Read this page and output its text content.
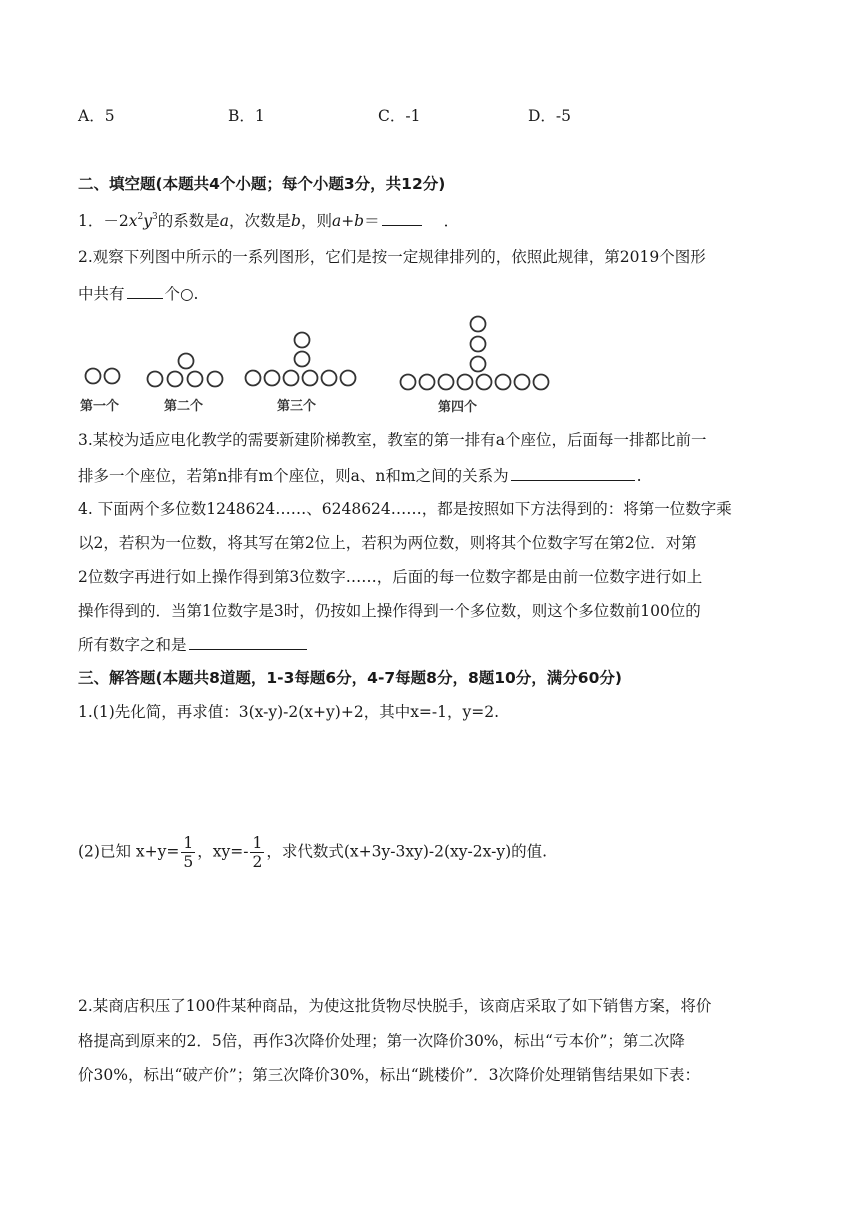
A．5	B．1	C．-1	D．-5
二、填空题(本题共4个小题；每个小题3分，共12分)
1．$-2x^2y^3$的系数是a，次数是b，则a+b＝	．
2.观察下列图中所示的一系列图形，它们是按一定规律排列的，依照此规律，第2019个图形
中共有	个○.
第一个	第二个	第三个	第四个
3.某校为适应电化教学的需要新建阶梯教室，教室的第一排有a个座位，后面每一排都比前一
排多一个座位，若第n排有m个座位，则a、n和m之间的关系为	.
4. 下面两个多位数1248624……、6248624……，都是按照如下方法得到的：将第一位数字乘
以2，若积为一位数，将其写在第2位上，若积为两位数，则将其个位数字写在第2位．对第
2位数字再进行如上操作得到第3位数字……，后面的每一位数字都是由前一位数字进行如上
操作得到的．当第1位数字是3时，仍按如上操作得到一个多位数，则这个多位数前100位的
所有数字之和是
三、解答题(本题共8道题，1-3每题6分，4-7每题8分，8题10分，满分60分)
1.(1)先化简，再求值：3(x-y)-2(x+y)+2，其中x=-1，y=2.
(2)已知 $x+y= \frac{1}{5}$ ，$xy=- \frac{1}{2}$ ，求代数式(x+3y-3xy)-2(xy-2x-y)的值.
2.某商店积压了100件某种商品，为使这批货物尽快脱手，该商店采取了如下销售方案，将价
格提高到原来的2．5倍，再作3次降价处理；第一次降价30%，标出“亏本价”；第二次降
价30%，标出“破产价”；第三次降价30%，标出“跳楼价”．3次降价处理销售结果如下表：
